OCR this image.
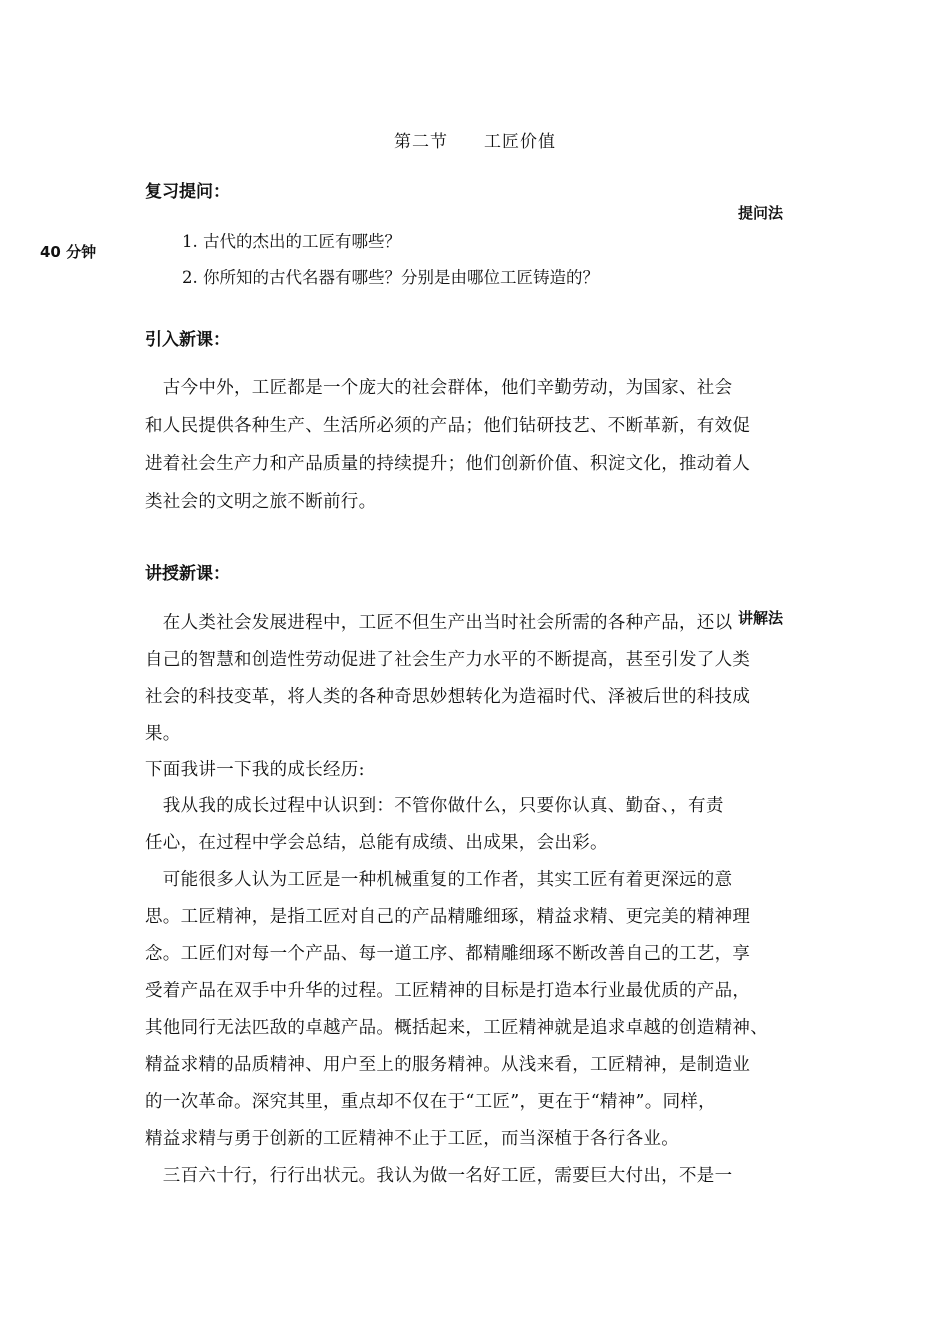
第二节　　工匠价值
复习提问：
提问法
40 分钟
1. 古代的杰出的工匠有哪些？
2. 你所知的古代名器有哪些？分别是由哪位工匠铸造的？
引入新课：
　古今中外，工匠都是一个庞大的社会群体，他们辛勤劳动，为国家、社会
和人民提供各种生产、生活所必须的产品；他们钻研技艺、不断革新，有效促
进着社会生产力和产品质量的持续提升；他们创新价值、积淀文化，推动着人
类社会的文明之旅不断前行。
讲授新课：
　在人类社会发展进程中，工匠不但生产出当时社会所需的各种产品，还以 讲解法
自己的智慧和创造性劳动促进了社会生产力水平的不断提高，甚至引发了人类
社会的科技变革，将人类的各种奇思妙想转化为造福时代、泽被后世的科技成
果。
下面我讲一下我的成长经历:
　我从我的成长过程中认识到：不管你做什么，只要你认真、勤奋、，有责
任心，在过程中学会总结，总能有成绩、出成果，会出彩。
　可能很多人认为工匠是一种机械重复的工作者，其实工匠有着更深远的意
思。工匠精神，是指工匠对自己的产品精雕细琢，精益求精、更完美的精神理
念。工匠们对每一个产品、每一道工序、都精雕细琢不断改善自己的工艺，享
受着产品在双手中升华的过程。工匠精神的目标是打造本行业最优质的产品，
其他同行无法匹敌的卓越产品。概括起来，工匠精神就是追求卓越的创造精神、
精益求精的品质精神、用户至上的服务精神。从浅来看，工匠精神，是制造业
的一次革命。深究其里，重点却不仅在于“工匠”，更在于“精神”。同样，
精益求精与勇于创新的工匠精神不止于工匠，而当深植于各行各业。
　三百六十行，行行出状元。我认为做一名好工匠，需要巨大付出，不是一
